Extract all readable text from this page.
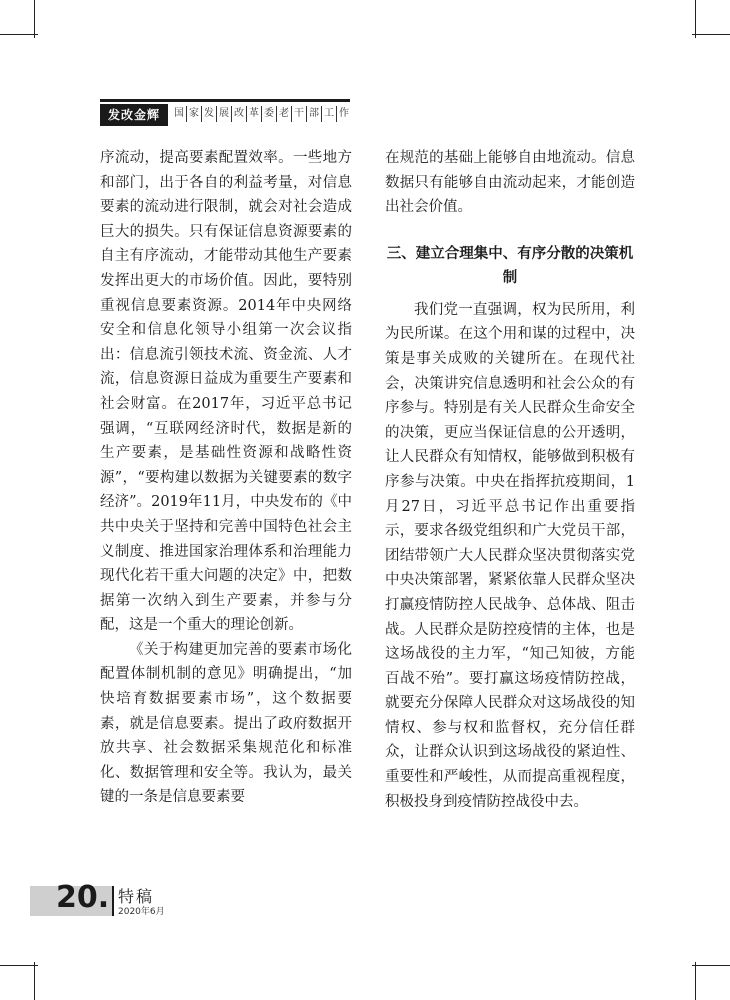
发改金辉	国 家 发 展 改 革 委 老 干 部 工 作

序流动，提高要素配置效率。一些地方和部门，出于各自的利益考量，对信息要素的流动进行限制，就会对社会造成巨大的损失。只有保证信息资源要素的自主有序流动，才能带动其他生产要素发挥出更大的市场价值。因此，要特别重视信息要素资源。2014年中央网络安全和信息化领导小组第一次会议指出：信息流引领技术流、资金流、人才流，信息资源日益成为重要生产要素和社会财富。在2017年，习近平总书记强调，“互联网经济时代，数据是新的生产要素，是基础性资源和战略性资源”，“要构建以数据为关键要素的数字经济”。2019年11月，中央发布的《中共中央关于坚持和完善中国特色社会主义制度、推进国家治理体系和治理能力现代化若干重大问题的决定》中，把数据第一次纳入到生产要素，并参与分配，这是一个重大的理论创新。

《关于构建更加完善的要素市场化配置体制机制的意见》明确提出，“加快培育数据要素市场”，这个数据要素，就是信息要素。提出了政府数据开放共享、社会数据采集规范化和标准化、数据管理和安全等。我认为，最关键的一条是信息要素要

在规范的基础上能够自由地流动。信息数据只有能够自由流动起来，才能创造出社会价值。

三、建立合理集中、有序分散的决策机制

我们党一直强调，权为民所用，利为民所谋。在这个用和谋的过程中，决策是事关成败的关键所在。在现代社会，决策讲究信息透明和社会公众的有序参与。特别是有关人民群众生命安全的决策，更应当保证信息的公开透明，让人民群众有知情权，能够做到积极有序参与决策。中央在指挥抗疫期间，1月27日，习近平总书记作出重要指示，要求各级党组织和广大党员干部，团结带领广大人民群众坚决贯彻落实党中央决策部署，紧紧依靠人民群众坚决打赢疫情防控人民战争、总体战、阻击战。人民群众是防控疫情的主体，也是这场战役的主力军，“知己知彼，方能百战不殆”。要打赢这场疫情防控战，就要充分保障人民群众对这场战役的知情权、参与权和监督权，充分信任群众，让群众认识到这场战役的紧迫性、重要性和严峻性，从而提高重视程度，积极投身到疫情防控战役中去。

20. 特稿
2020年6月
